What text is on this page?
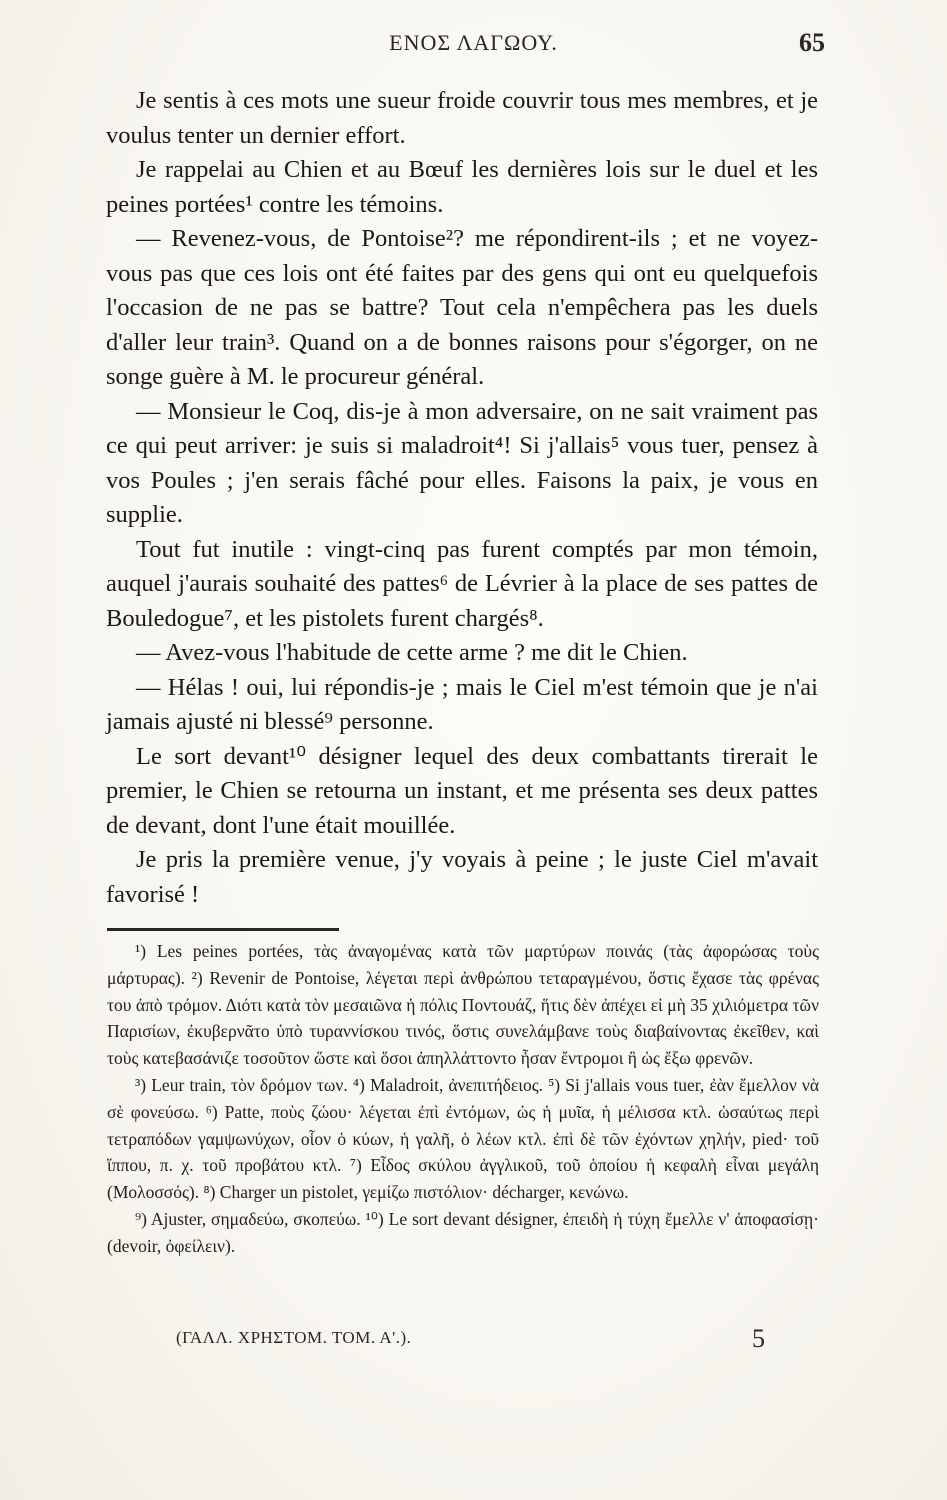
ΕΝΟΣ ΛΑΓΩΟΥ.	65

Je sentis à ces mots une sueur froide couvrir tous mes membres, et je voulus tenter un dernier effort.

Je rappelai au Chien et au Bœuf les dernières lois sur le duel et les peines portées¹ contre les témoins.

— Revenez-vous, de Pontoise²? me répondirent-ils ; et ne voyez-vous pas que ces lois ont été faites par des gens qui ont eu quelquefois l'occasion de ne pas se battre? Tout cela n'empêchera pas les duels d'aller leur train³. Quand on a de bonnes raisons pour s'égorger, on ne songe guère à M. le procureur général.

— Monsieur le Coq, dis-je à mon adversaire, on ne sait vraiment pas ce qui peut arriver: je suis si maladroit⁴! Si j'allais⁵ vous tuer, pensez à vos Poules ; j'en serais fâché pour elles. Faisons la paix, je vous en supplie.

Tout fut inutile : vingt-cinq pas furent comptés par mon témoin, auquel j'aurais souhaité des pattes⁶ de Lévrier à la place de ses pattes de Bouledogue⁷, et les pistolets furent chargés⁸.

— Avez-vous l'habitude de cette arme ? me dit le Chien.

— Hélas ! oui, lui répondis-je ; mais le Ciel m'est témoin que je n'ai jamais ajusté ni blessé⁹ personne.

Le sort devant¹⁰ désigner lequel des deux combattants tirerait le premier, le Chien se retourna un instant, et me présenta ses deux pattes de devant, dont l'une était mouillée.

Je pris la première venue, j'y voyais à peine ; le juste Ciel m'avait favorisé !

¹) Les peines portées, τὰς ἀναγομένας κατὰ τῶν μαρτύρων ποινάς (τὰς ἀφορώσας τοὺς μάρτυρας). ²) Revenir de Pontoise, λέγεται περὶ ἀνθρώπου τεταραγμένου, ὅστις ἔχασε τὰς φρένας του ἀπὸ τρόμον. Διότι κατὰ τὸν μεσαιῶνα ἡ πόλις Ποντουάζ, ἥτις δὲν ἀπέχει εἰ μὴ 35 χιλιόμετρα τῶν Παρισίων, ἐκυβερνᾶτο ὑπὸ τυραννίσκου τινός, ὅστις συνελάμβανε τοὺς διαβαίνοντας ἐκεῖθεν, καὶ τοὺς κατεβασάνιζε τοσοῦτον ὥστε καὶ ὅσοι ἀπηλλάττοντο ἦσαν ἔντρομοι ἢ ὡς ἔξω φρενῶν.

³) Leur train, τὸν δρόμον των. ⁴) Maladroit, ἀνεπιτήδειος. ⁵) Si j'allais vous tuer, ἐὰν ἔμελλον νὰ σὲ φονεύσω. ⁶) Patte, ποὺς ζώου· λέγεται ἐπὶ ἐντόμων, ὡς ἡ μυῖα, ἡ μέλισσα κτλ. ὡσαύτως περὶ τετραπόδων γαμψωνύχων, οἷον ὁ κύων, ἡ γαλῆ, ὁ λέων κτλ. ἐπὶ δὲ τῶν ἐχόντων χηλήν, pied· τοῦ ἵππου, π. χ. τοῦ προβάτου κτλ. ⁷) Εἶδος σκύλου ἀγγλικοῦ, τοῦ ὁποίου ἡ κεφαλὴ εἶναι μεγάλη (Μολοσσός). ⁸) Charger un pistolet, γεμίζω πιστόλιον· décharger, κενώνω.

⁹) Ajuster, σημαδεύω, σκοπεύω. ¹⁰) Le sort devant désigner, ἐπειδὴ ἡ τύχη ἔμελλε ν' ἀποφασίσῃ· (devoir, ὀφείλειν).

(ΓΑΛΛ. ΧΡΗΣΤΟΜ. ΤΟΜ. Α'.).	5
